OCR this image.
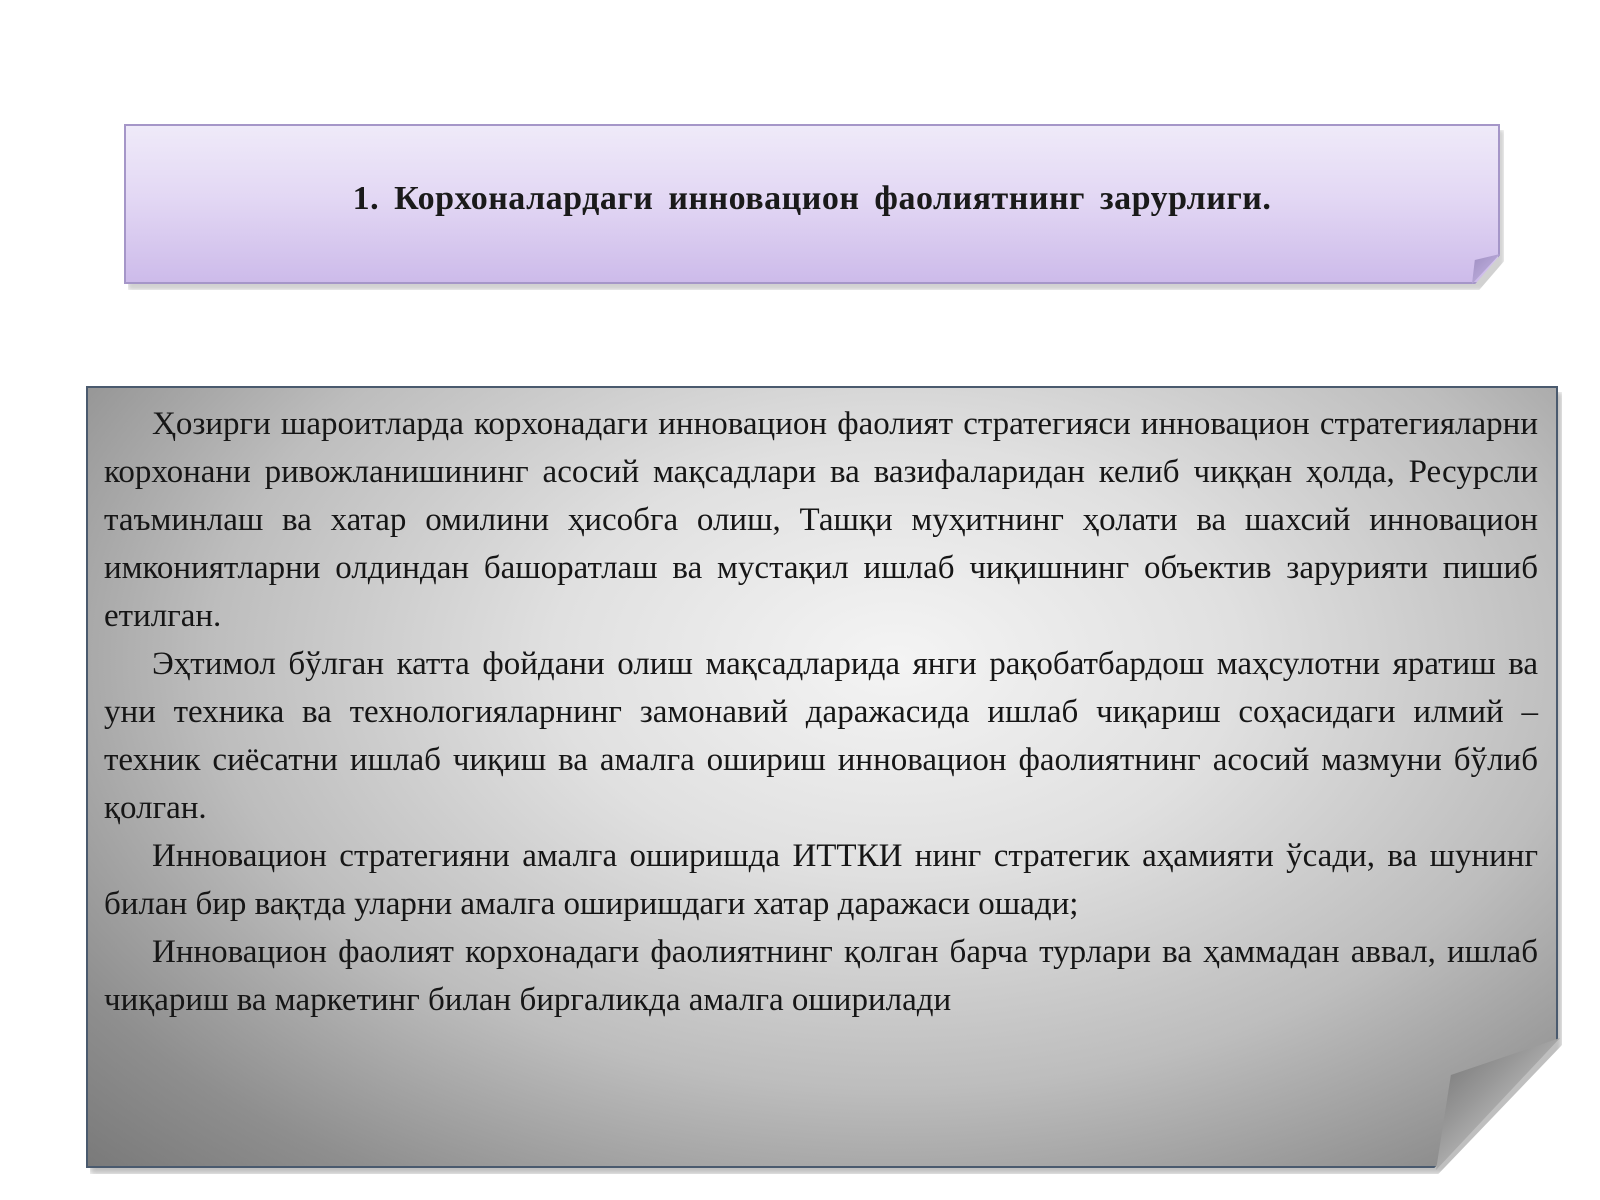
1. Корхоналардаги инновацион фаолиятнинг зарурлиги.

Ҳозирги шароитларда корхонадаги инновацион фаолият стратегияси инновацион стратегияларни корхонани ривожланишининг асосий мақсадлари ва вазифаларидан келиб чиққан ҳолда, Ресурсли таъминлаш ва хатар омилини ҳисобга олиш, Ташқи муҳитнинг ҳолати ва шахсий инновацион имкониятларни олдиндан башоратлаш ва мустақил ишлаб чиқишнинг объектив зарурияти пишиб етилган.

Эҳтимол бўлган катта фойдани олиш мақсадларида янги рақобатбардош маҳсулотни яратиш ва уни техника ва технологияларнинг замонавий даражасида ишлаб чиқариш соҳасидаги илмий – техник сиёсатни ишлаб чиқиш ва амалга ошириш инновацион фаолиятнинг асосий мазмуни бўлиб қолган.

Инновацион стратегияни амалга оширишда ИТТКИ нинг стратегик аҳамияти ўсади, ва шунинг билан бир вақтда уларни амалга оширишдаги хатар даражаси ошади;

Инновацион фаолият корхонадаги фаолиятнинг қолган барча турлари ва ҳаммадан аввал, ишлаб чиқариш ва маркетинг билан биргаликда амалга оширилади
